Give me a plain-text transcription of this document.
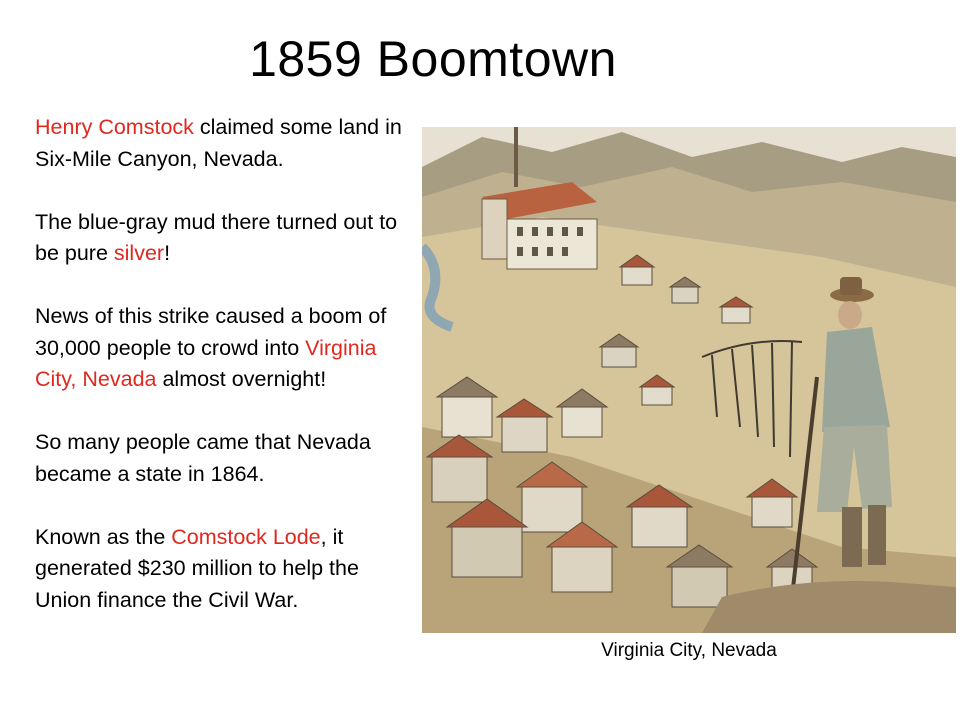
1859 Boomtown

Henry Comstock claimed some land in Six-Mile Canyon, Nevada.

The blue-gray mud there turned out to be pure silver!

News of this strike caused a boom of 30,000 people to crowd into Virginia City, Nevada almost overnight!

So many people came that Nevada became a state in 1864.

Known as the Comstock Lode, it generated $230 million to help the Union finance the Civil War.

Virginia City, Nevada
